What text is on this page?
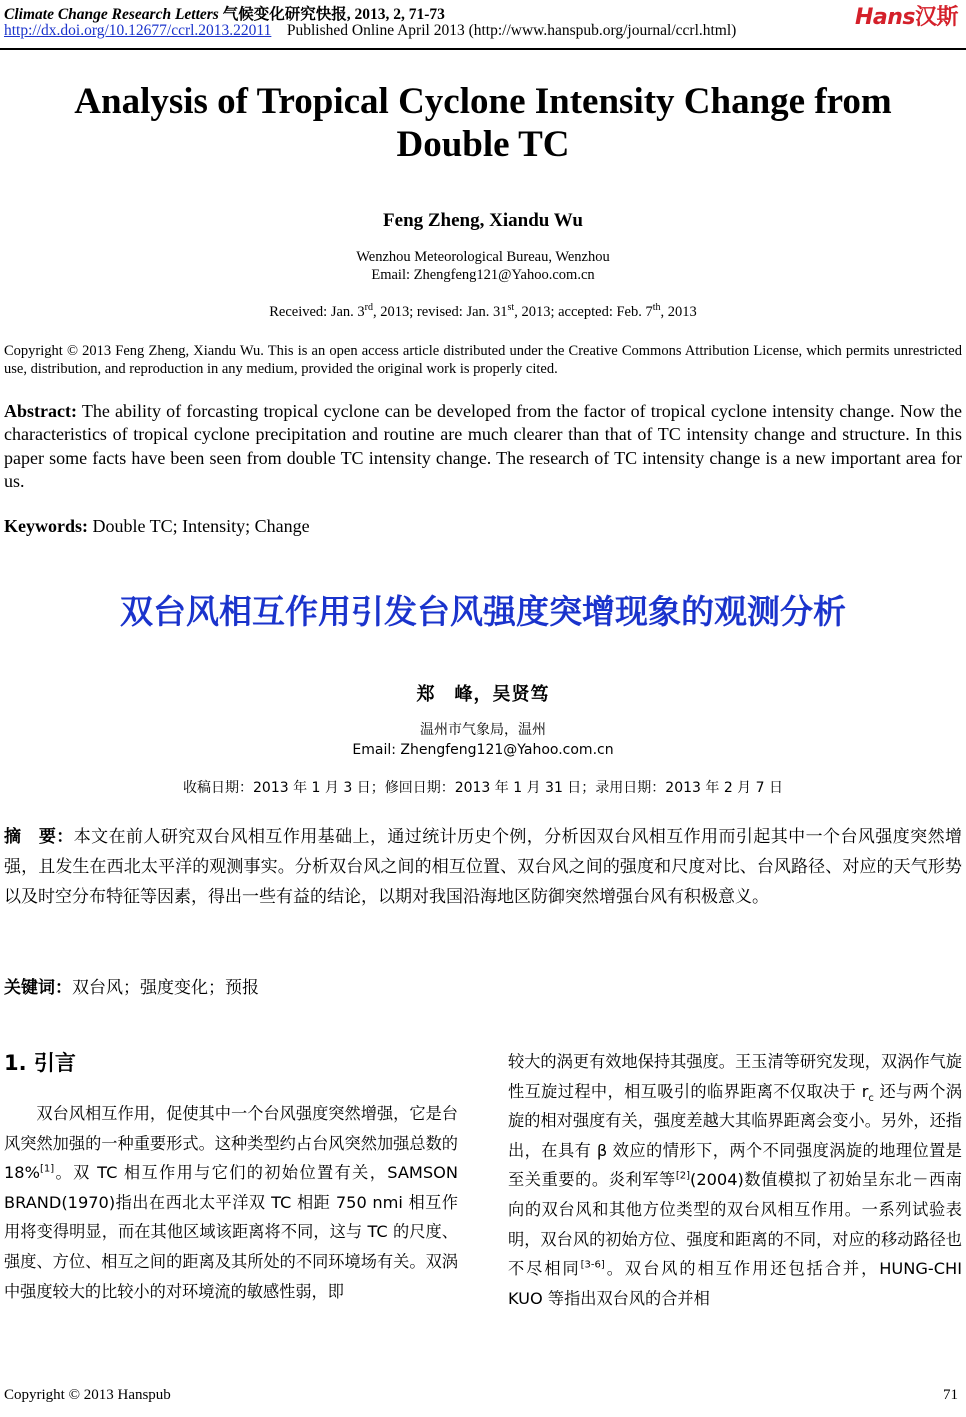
Climate Change Research Letters 气候变化研究快报, 2013, 2, 71-73
http://dx.doi.org/10.12677/ccrl.2013.22011 Published Online April 2013 (http://www.hanspub.org/journal/ccrl.html)
Hans汉斯
Analysis of Tropical Cyclone Intensity Change from
Double TC
Feng Zheng, Xiandu Wu
Wenzhou Meteorological Bureau, Wenzhou
Email: Zhengfeng121@Yahoo.com.cn
Received: Jan. 3rd, 2013; revised: Jan. 31st, 2013; accepted: Feb. 7th, 2013
Copyright © 2013 Feng Zheng, Xiandu Wu. This is an open access article distributed under the Creative Commons Attribution License, which permits unrestricted use, distribution, and reproduction in any medium, provided the original work is properly cited.
Abstract: The ability of forcasting tropical cyclone can be developed from the factor of tropical cyclone intensity change. Now the characteristics of tropical cyclone precipitation and routine are much clearer than that of TC intensity change and structure. In this paper some facts have been seen from double TC intensity change. The research of TC intensity change is a new important area for us.
Keywords: Double TC; Intensity; Change
双台风相互作用引发台风强度突增现象的观测分析
郑　峰，吴贤笃
温州市气象局，温州
Email: Zhengfeng121@Yahoo.com.cn
收稿日期：2013 年 1 月 3 日；修回日期：2013 年 1 月 31 日；录用日期：2013 年 2 月 7 日
摘　要：本文在前人研究双台风相互作用基础上，通过统计历史个例，分析因双台风相互作用而引起其中一个台风强度突然增强，且发生在西北太平洋的观测事实。分析双台风之间的相互位置、双台风之间的强度和尺度对比、台风路径、对应的天气形势以及时空分布特征等因素，得出一些有益的结论，以期对我国沿海地区防御突然增强台风有积极意义。
关键词：双台风；强度变化；预报
1. 引言
双台风相互作用，促使其中一个台风强度突然增强，它是台风突然加强的一种重要形式。这种类型约占台风突然加强总数的 18%[1]。双 TC 相互作用与它们的初始位置有关，SAMSON BRAND(1970)指出在西北太平洋双 TC 相距 750 nmi 相互作用将变得明显，而在其他区域该距离将不同，这与 TC 的尺度、强度、方位、相互之间的距离及其所处的不同环境场有关。双涡中强度较大的比较小的对环境流的敏感性弱，即
较大的涡更有效地保持其强度。王玉清等研究发现，双涡作气旋性互旋过程中，相互吸引的临界距离不仅取决于 $r_c$ 还与两个涡旋的相对强度有关，强度差越大其临界距离会变小。另外，还指出，在具有 β 效应的情形下，两个不同强度涡旋的地理位置是至关重要的。炎利军等[2](2004)数值模拟了初始呈东北－西南向的双台风和其他方位类型的双台风相互作用。一系列试验表明，双台风的初始方位、强度和距离的不同，对应的移动路径也不尽相同[3-6]。双台风的相互作用还包括合并，HUNG-CHI KUO 等指出双台风的合并相
Copyright © 2013 Hanspub	71
